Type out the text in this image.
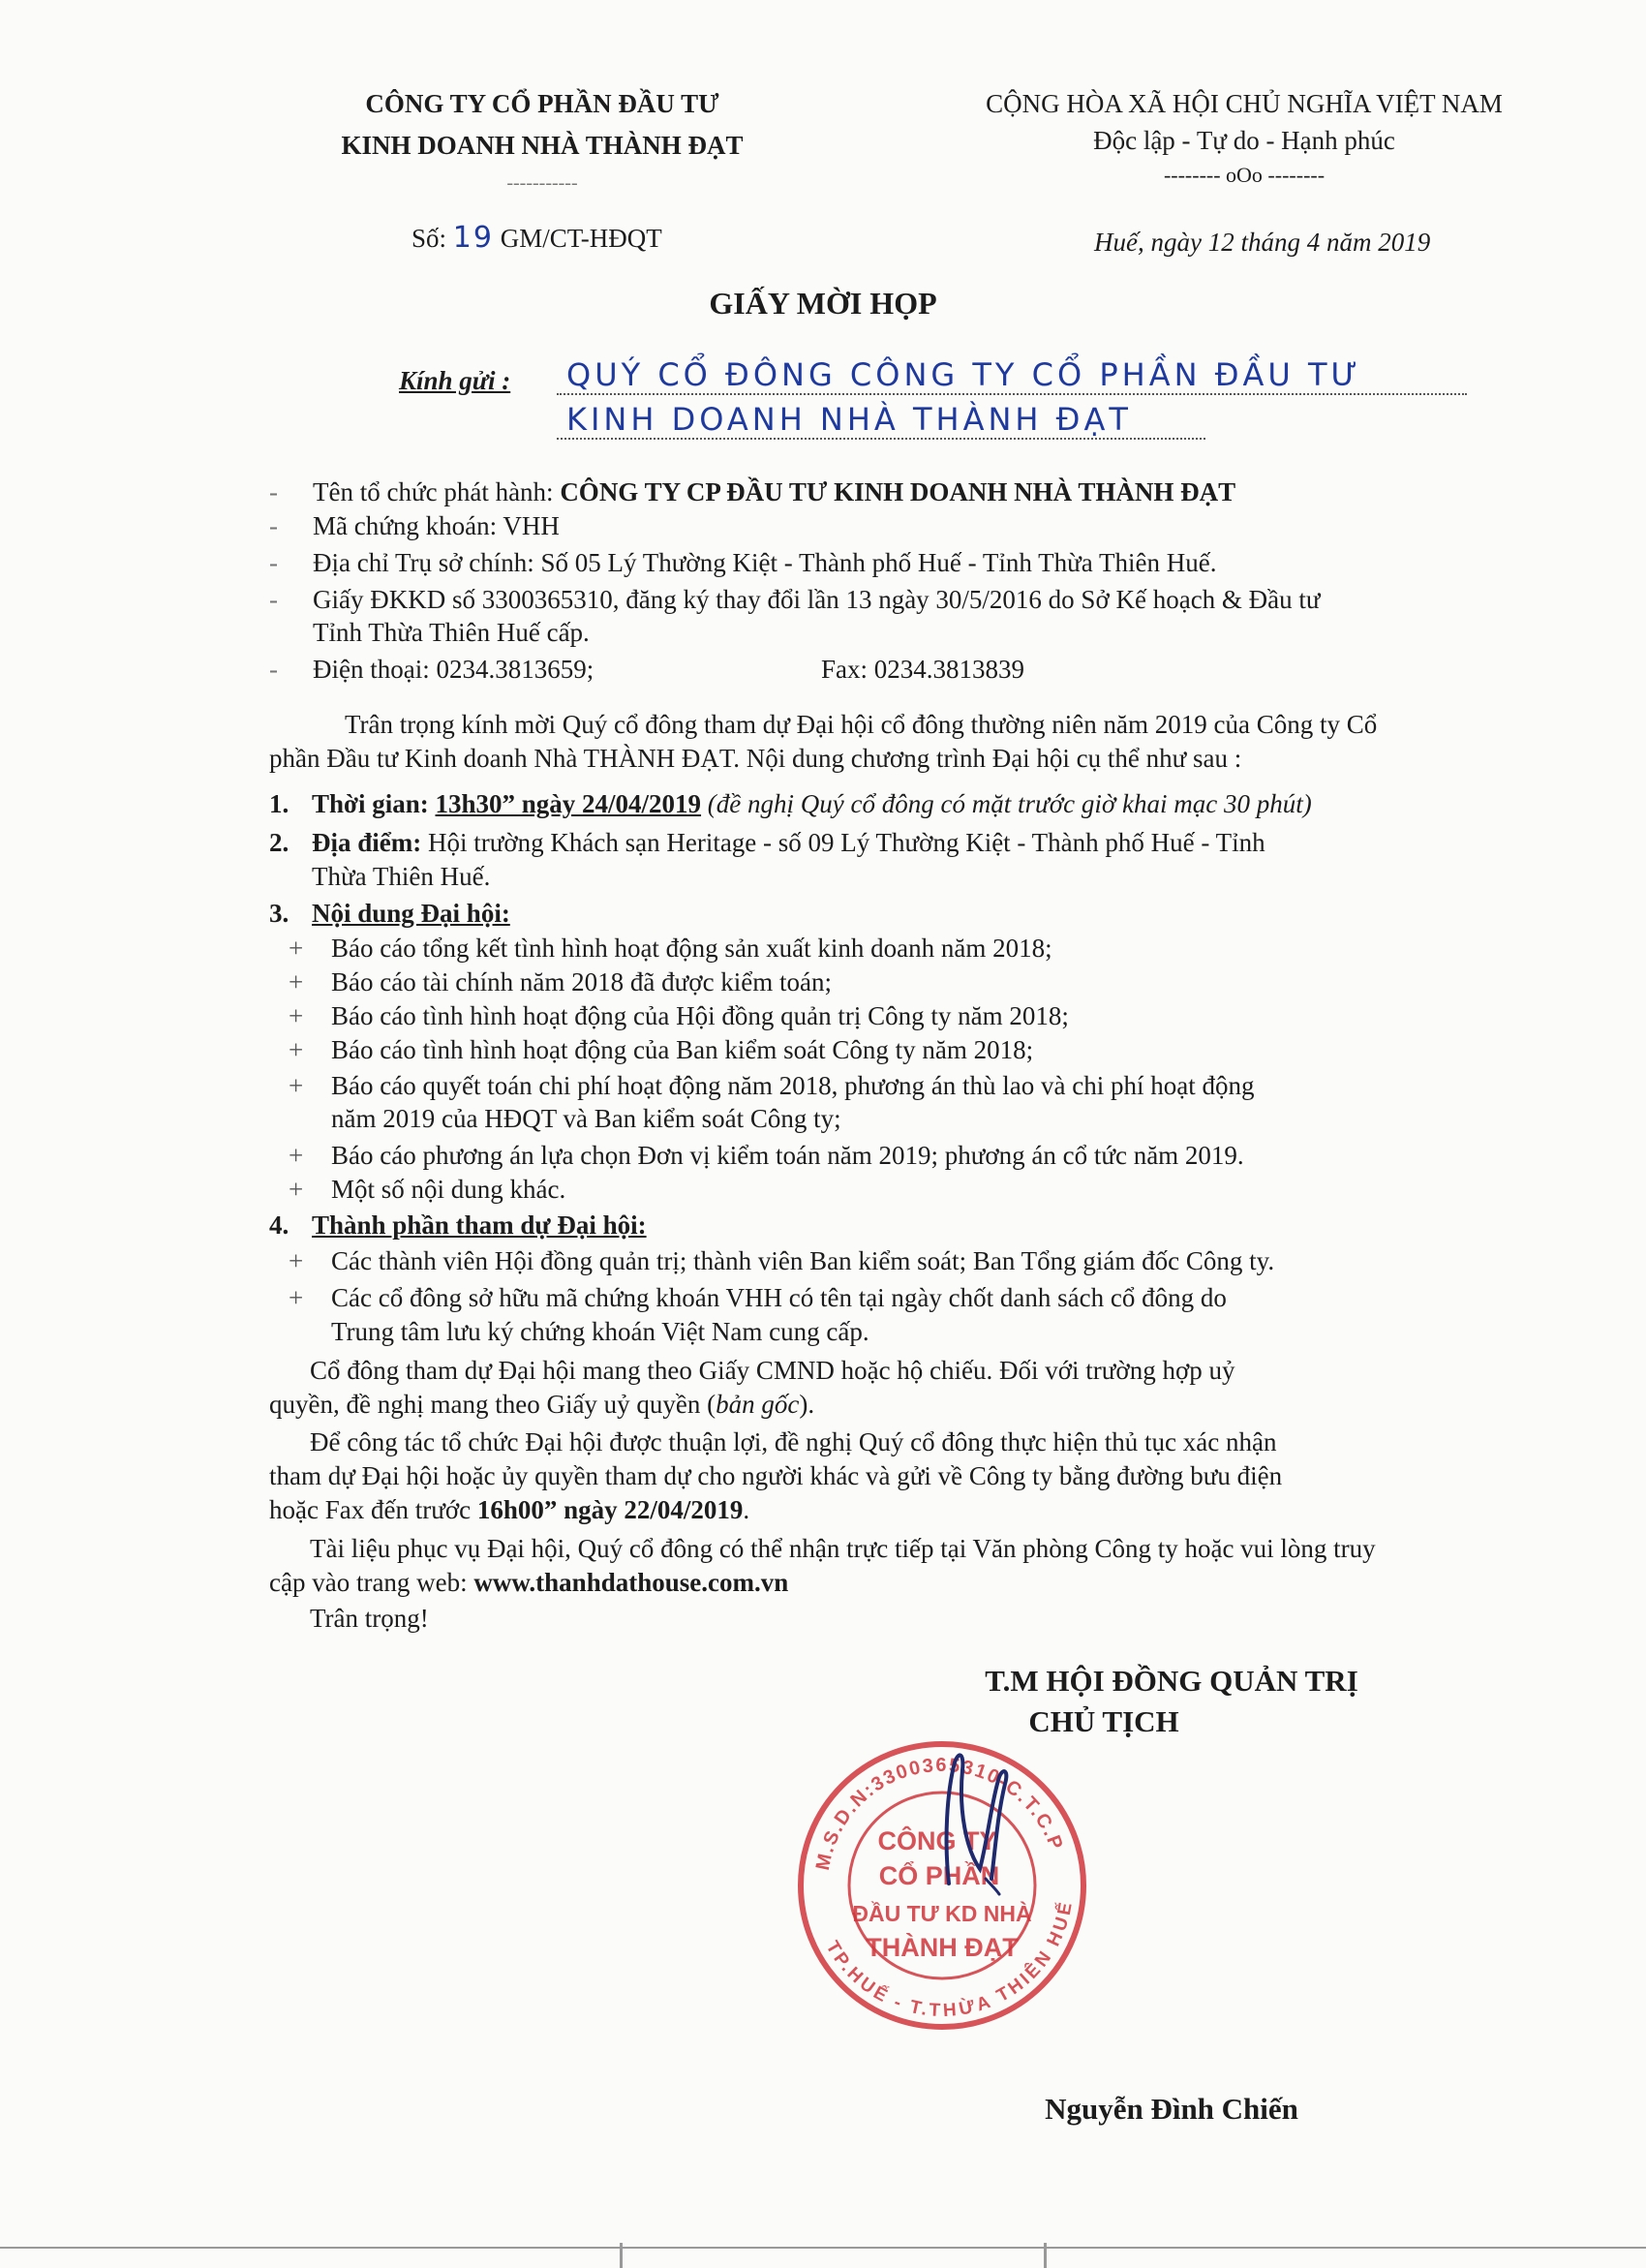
CÔNG TY CỔ PHẦN ĐẦU TƯ
KINH DOANH NHÀ THÀNH ĐẠT
-----------
Số: 19 GM/CT-HĐQT
CỘNG HÒA XÃ HỘI CHỦ NGHĨA VIỆT NAM
Độc lập - Tự do - Hạnh phúc
-------- oOo --------
Huế, ngày 12 tháng 4 năm 2019
GIẤY MỜI HỌP
Kính gửi : QUÝ CỔ ĐÔNG CÔNG TY CỔ PHẦN ĐẦU TƯ
KINH DOANH NHÀ THÀNH ĐẠT
- Tên tổ chức phát hành: CÔNG TY CP ĐẦU TƯ KINH DOANH NHÀ THÀNH ĐẠT
- Mã chứng khoán: VHH
- Địa chỉ Trụ sở chính: Số 05 Lý Thường Kiệt - Thành phố Huế - Tỉnh Thừa Thiên Huế.
- Giấy ĐKKD số 3300365310, đăng ký thay đổi lần 13 ngày 30/5/2016 do Sở Kế hoạch & Đầu tư
Tỉnh Thừa Thiên Huế cấp.
- Điện thoại: 0234.3813659;	Fax: 0234.3813839
Trân trọng kính mời Quý cổ đông tham dự Đại hội cổ đông thường niên năm 2019 của Công ty Cổ
phần Đầu tư Kinh doanh Nhà THÀNH ĐẠT. Nội dung chương trình Đại hội cụ thể như sau :
1. Thời gian: 13h30” ngày 24/04/2019 (đề nghị Quý cổ đông có mặt trước giờ khai mạc 30 phút)
2. Địa điểm: Hội trường Khách sạn Heritage - số 09 Lý Thường Kiệt - Thành phố Huế - Tỉnh
Thừa Thiên Huế.
3. Nội dung Đại hội:
+ Báo cáo tổng kết tình hình hoạt động sản xuất kinh doanh năm 2018;
+ Báo cáo tài chính năm 2018 đã được kiểm toán;
+ Báo cáo tình hình hoạt động của Hội đồng quản trị Công ty năm 2018;
+ Báo cáo tình hình hoạt động của Ban kiểm soát Công ty năm 2018;
+ Báo cáo quyết toán chi phí hoạt động năm 2018, phương án thù lao và chi phí hoạt động
năm 2019 của HĐQT và Ban kiểm soát Công ty;
+ Báo cáo phương án lựa chọn Đơn vị kiểm toán năm 2019; phương án cổ tức năm 2019.
+ Một số nội dung khác.
4. Thành phần tham dự Đại hội:
+ Các thành viên Hội đồng quản trị; thành viên Ban kiểm soát; Ban Tổng giám đốc Công ty.
+ Các cổ đông sở hữu mã chứng khoán VHH có tên tại ngày chốt danh sách cổ đông do
Trung tâm lưu ký chứng khoán Việt Nam cung cấp.
Cổ đông tham dự Đại hội mang theo Giấy CMND hoặc hộ chiếu. Đối với trường hợp uỷ
quyền, đề nghị mang theo Giấy uỷ quyền (bản gốc).
Để công tác tổ chức Đại hội được thuận lợi, đề nghị Quý cổ đông thực hiện thủ tục xác nhận
tham dự Đại hội hoặc ủy quyền tham dự cho người khác và gửi về Công ty bằng đường bưu điện
hoặc Fax đến trước 16h00” ngày 22/04/2019.
Tài liệu phục vụ Đại hội, Quý cổ đông có thể nhận trực tiếp tại Văn phòng Công ty hoặc vui lòng truy
cập vào trang web: www.thanhdathouse.com.vn
Trân trọng!
T.M HỘI ĐỒNG QUẢN TRỊ
CHỦ TỊCH
M.S.D.N:3300365310-C.T.C.P
TP.HUẾ - T.THỪA THIÊN HUẾ
CÔNG TY
CỔ PHẦN
ĐẦU TƯ KD NHÀ
THÀNH ĐẠT
Nguyễn Đình Chiến
